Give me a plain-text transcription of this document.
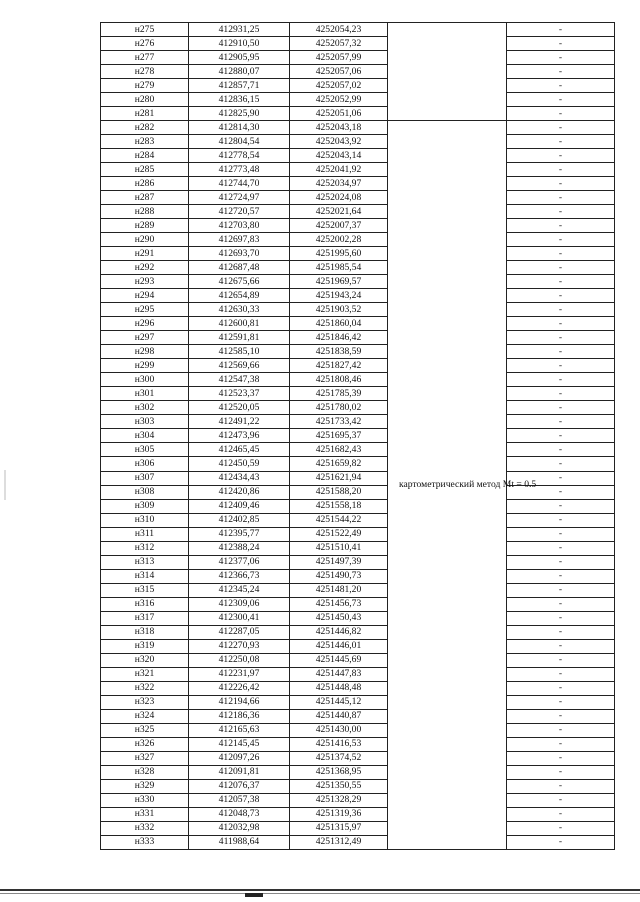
н275	412931,25	4252054,23		-
н276	412910,50	4252057,32		-
н277	412905,95	4252057,99		-
н278	412880,07	4252057,06		-
н279	412857,71	4252057,02		-
н280	412836,15	4252052,99		-
н281	412825,90	4252051,06		-
н282	412814,30	4252043,18	картометрический метод Mt = 0.5	-
н283	412804,54	4252043,92		-
н284	412778,54	4252043,14		-
н285	412773,48	4252041,92		-
н286	412744,70	4252034,97		-
н287	412724,97	4252024,08		-
н288	412720,57	4252021,64		-
н289	412703,80	4252007,37		-
н290	412697,83	4252002,28		-
н291	412693,70	4251995,60		-
н292	412687,48	4251985,54		-
н293	412675,66	4251969,57		-
н294	412654,89	4251943,24		-
н295	412630,33	4251903,52		-
н296	412600,81	4251860,04		-
н297	412591,81	4251846,42		-
н298	412585,10	4251838,59		-
н299	412569,66	4251827,42		-
н300	412547,38	4251808,46		-
н301	412523,37	4251785,39		-
н302	412520,05	4251780,02		-
н303	412491,22	4251733,42		-
н304	412473,96	4251695,37		-
н305	412465,45	4251682,43		-
н306	412450,59	4251659,82		-
н307	412434,43	4251621,94		-
н308	412420,86	4251588,20		-
н309	412409,46	4251558,18		-
н310	412402,85	4251544,22		-
н311	412395,77	4251522,49		-
н312	412388,24	4251510,41		-
н313	412377,06	4251497,39		-
н314	412366,73	4251490,73		-
н315	412345,24	4251481,20		-
н316	412309,06	4251456,73		-
н317	412300,41	4251450,43		-
н318	412287,05	4251446,82		-
н319	412270,93	4251446,01		-
н320	412250,08	4251445,69		-
н321	412231,97	4251447,83		-
н322	412226,42	4251448,48		-
н323	412194,66	4251445,12		-
н324	412186,36	4251440,87		-
н325	412165,63	4251430,00		-
н326	412145,45	4251416,53		-
н327	412097,26	4251374,52		-
н328	412091,81	4251368,95		-
н329	412076,37	4251350,55		-
н330	412057,38	4251328,29		-
н331	412048,73	4251319,36		-
н332	412032,98	4251315,97		-
н333	411988,64	4251312,49		-
